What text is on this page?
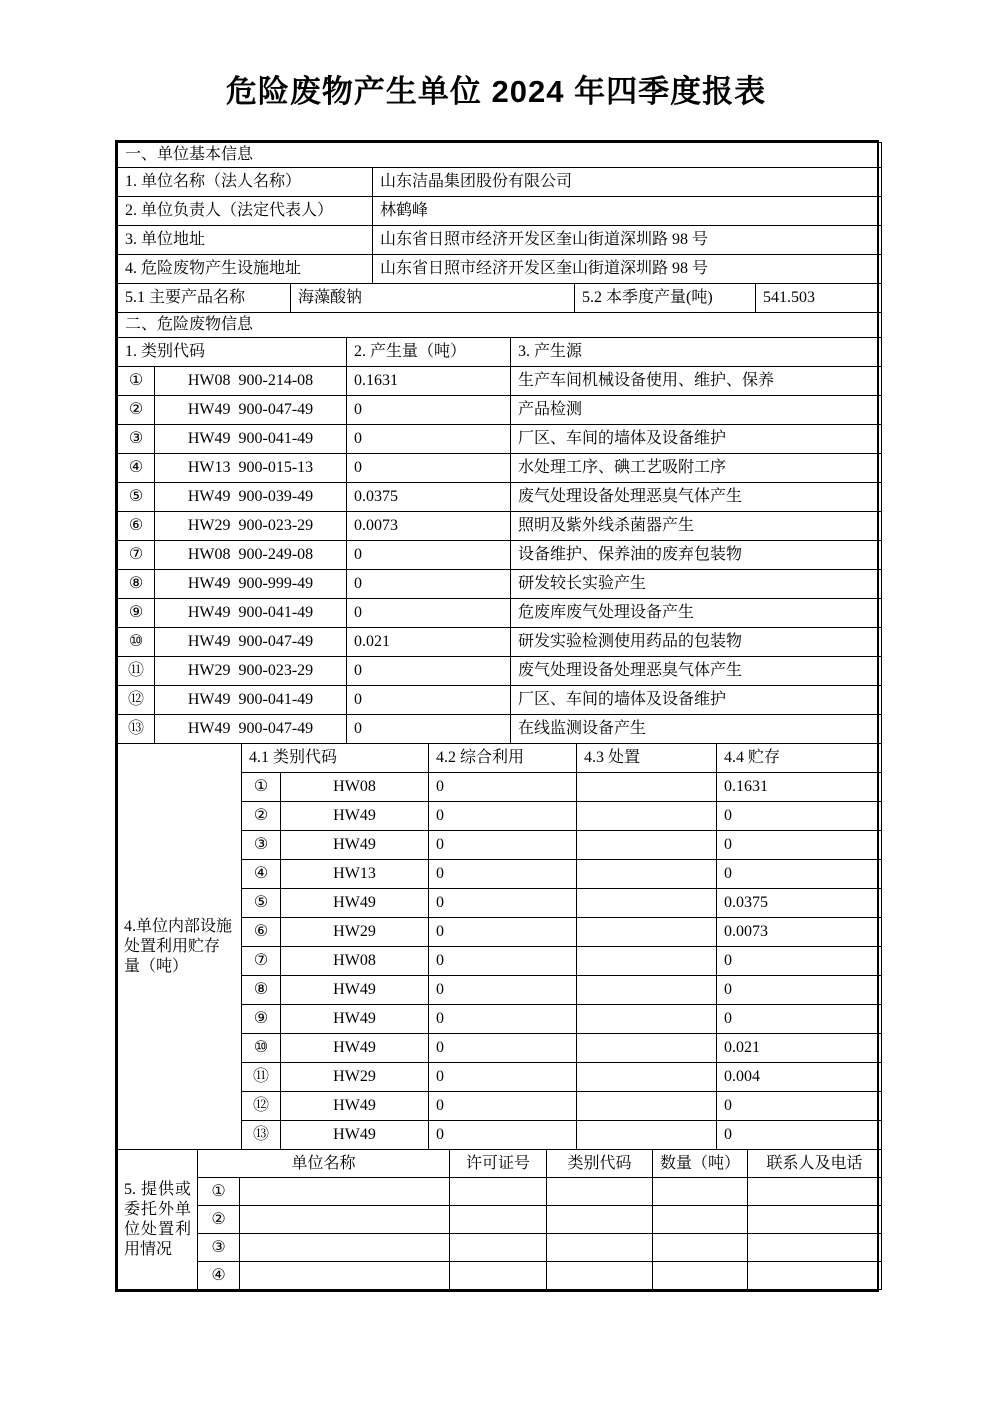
危险废物产生单位 2024 年四季度报表
一、单位基本信息	
1. 单位名称（法人名称）	山东洁晶集团股份有限公司
2. 单位负责人（法定代表人）	林鹤峰
3. 单位地址	山东省日照市经济开发区奎山街道深圳路 98 号
4. 危险废物产生设施地址	山东省日照市经济开发区奎山街道深圳路 98 号
5.1 主要产品名称	海藻酸钠	5.2 本季度产量(吨)	541.503
二、危险废物信息			
1. 类别代码		2. 产生量（吨）	3. 产生源
①	HW08  900-214-08	0.1631	生产车间机械设备使用、维护、保养
②	HW49  900-047-49	0	产品检测
③	HW49  900-041-49	0	厂区、车间的墙体及设备维护
④	HW13  900-015-13	0	水处理工序、碘工艺吸附工序
⑤	HW49  900-039-49	0.0375	废气处理设备处理恶臭气体产生
⑥	HW29  900-023-29	0.0073	照明及紫外线杀菌器产生
⑦	HW08  900-249-08	0	设备维护、保养油的废弃包装物
⑧	HW49  900-999-49	0	研发较长实验产生
⑨	HW49  900-041-49	0	危废库废气处理设备产生
⑩	HW49  900-047-49	0.021	研发实验检测使用药品的包装物
⑪	HW29  900-023-29	0	废气处理设备处理恶臭气体产生
⑫	HW49  900-041-49	0	厂区、车间的墙体及设备维护
⑬	HW49  900-047-49	0	在线监测设备产生
4.单位内部设施处置利用贮存量（吨）	4.1 类别代码		4.2 综合利用	4.3 处置	4.4 贮存
	①	HW08	0		0.1631
	②	HW49	0		0
	③	HW49	0		0
	④	HW13	0		0
	⑤	HW49	0		0.0375
	⑥	HW29	0		0.0073
	⑦	HW08	0		0
	⑧	HW49	0		0
	⑨	HW49	0		0
	⑩	HW49	0		0.021
	⑪	HW29	0		0.004
	⑫	HW49	0		0
	⑬	HW49	0		0
5. 提供或委托外单位处置利用情况	单位名称		许可证号	类别代码	数量（吨）	联系人及电话
	①					
	②					
	③					
	④					
